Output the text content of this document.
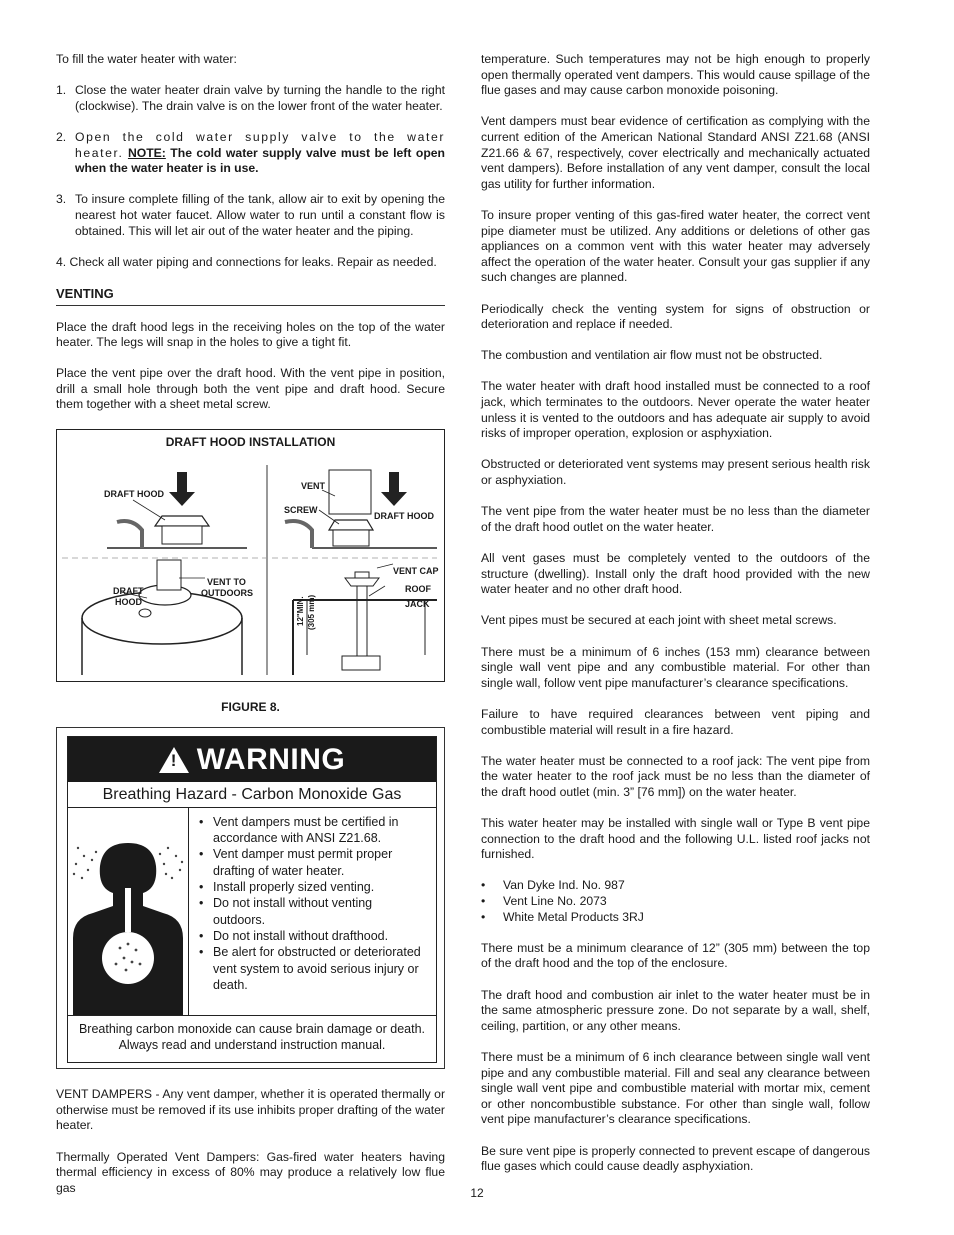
To fill the water heater with water:

1. Close the water heater drain valve by turning the handle to the right (clockwise). The drain valve is on the lower front of the water heater.
2. Open the cold water supply valve to the water heater. NOTE: The cold water supply valve must be left open when the water heater is in use.
3. To insure complete filling of the tank, allow air to exit by opening the nearest hot water faucet. Allow water to run until a constant flow is obtained. This will let air out of the water heater and the piping.

4. Check all water piping and connections for leaks. Repair as needed.

VENTING

Place the draft hood legs in the receiving holes on the top of the water heater. The legs will snap in the holes to give a tight fit.

Place the vent pipe over the draft hood. With the vent pipe in position, drill a small hole through both the vent pipe and draft hood. Secure them together with a sheet metal screw.

DRAFT HOOD INSTALLATION
DRAFT HOOD
VENT
SCREW
DRAFT HOOD
DRAFT
HOOD
VENT TO
OUTDOORS
VENT CAP
ROOF JACK
12"MIN. (305 mm)
FIGURE 8.
! WARNING
Breathing Hazard - Carbon Monoxide Gas
• Vent dampers must be certified in accordance with ANSI Z21.68.
• Vent damper must permit proper drafting of water heater.
• Install properly sized venting.
• Do not install without venting outdoors.
• Do not install without drafthood.
• Be alert for obstructed or deteriorated vent system to avoid serious injury or death.
Breathing carbon monoxide can cause brain damage or death. Always read and understand instruction manual.

VENT DAMPERS - Any vent damper, whether it is operated thermally or otherwise must be removed if its use inhibits proper drafting of the water heater.

Thermally Operated Vent Dampers: Gas-fired water heaters having thermal efficiency in excess of 80% may produce a relatively low flue gas

temperature. Such temperatures may not be high enough to properly open thermally operated vent dampers. This would cause spillage of the flue gases and may cause carbon monoxide poisoning.

Vent dampers must bear evidence of certification as complying with the current edition of the American National Standard ANSI Z21.68 (ANSI Z21.66 & 67, respectively, cover electrically and mechanically actuated vent dampers). Before installation of any vent damper, consult the local gas utility for further information.

To insure proper venting of this gas-fired water heater, the correct vent pipe diameter must be utilized. Any additions or deletions of other gas appliances on a common vent with this water heater may adversely affect the operation of the water heater. Consult your gas supplier if any such changes are planned.

Periodically check the venting system for signs of obstruction or deterioration and replace if needed.

The combustion and ventilation air flow must not be obstructed.

The water heater with draft hood installed must be connected to a roof jack, which terminates to the outdoors. Never operate the water heater unless it is vented to the outdoors and has adequate air supply to avoid risks of improper operation, explosion or asphyxiation.

Obstructed or deteriorated vent systems may present serious health risk or asphyxiation.

The vent pipe from the water heater must be no less than the diameter of the draft hood outlet on the water heater.

All vent gases must be completely vented to the outdoors of the structure (dwelling). Install only the draft hood provided with the new water heater and no other draft hood.

Vent pipes must be secured at each joint with sheet metal screws.

There must be a minimum of 6 inches (153 mm) clearance between single wall vent pipe and any combustible material. For other than single wall, follow vent pipe manufacturer’s clearance specifications.

Failure to have required clearances between vent piping and combustible material will result in a fire hazard.

The water heater must be connected to a roof jack: The vent pipe from the water heater to the roof jack must be no less than the diameter of the draft hood outlet (min. 3” [76 mm]) on the water heater.

This water heater may be installed with single wall or Type B vent pipe connection to the draft hood and the following U.L. listed roof jacks not furnished.

•	Van Dyke Ind. No. 987
•	Vent Line No. 2073
•	White Metal Products 3RJ

There must be a minimum clearance of 12” (305 mm) between the top of the draft hood and the top of the enclosure.

The draft hood and combustion air inlet to the water heater must be in the same atmospheric pressure zone. Do not separate by a wall, shelf, ceiling, partition, or any other means.

There must be a minimum of 6 inch clearance between single wall vent pipe and any combustible material. Fill and seal any clearance between single wall vent pipe and combustible material with mortar mix, cement or other noncombustible substance. For other than single wall, follow vent pipe manufacturer’s clearance specifications.

Be sure vent pipe is properly connected to prevent escape of dangerous flue gases which could cause deadly asphyxiation.

12
